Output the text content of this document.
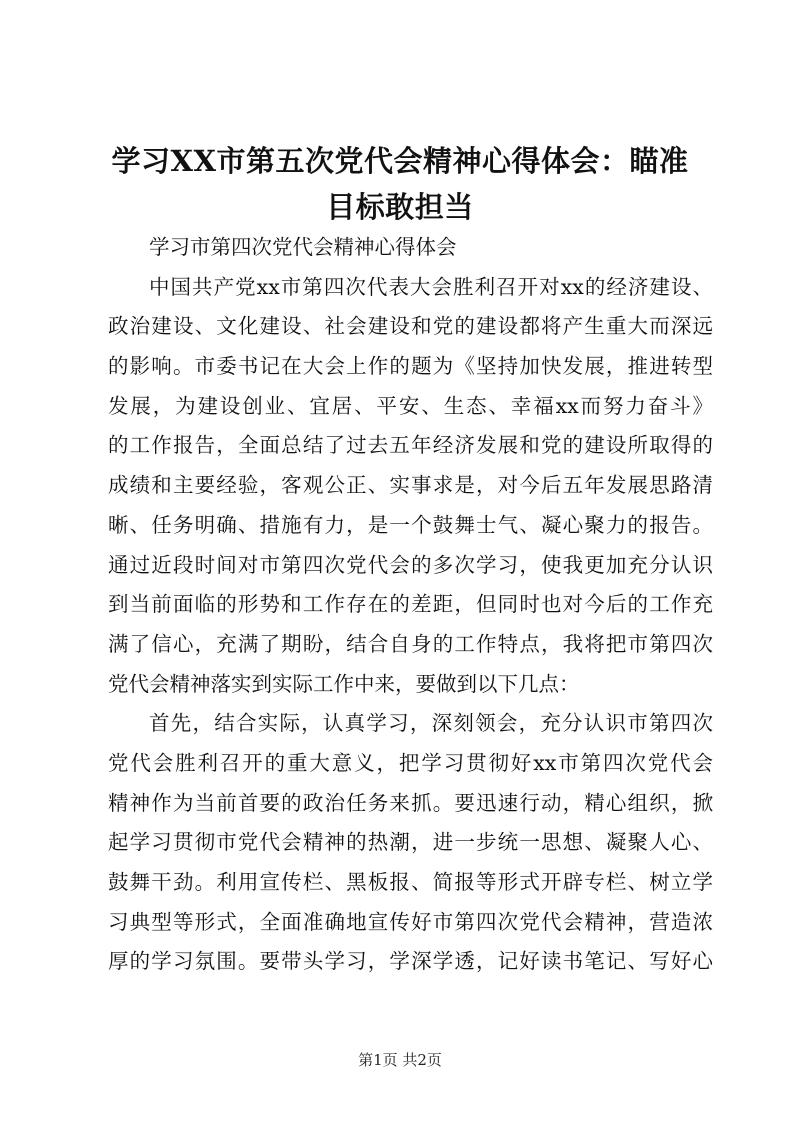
学习XX市第五次党代会精神心得体会：瞄准
目标敢担当
学习市第四次党代会精神心得体会
中国共产党xx市第四次代表大会胜利召开对xx的经济建设、
政治建设、文化建设、社会建设和党的建设都将产生重大而深远
的影响。市委书记在大会上作的题为《坚持加快发展，推进转型
发展，为建设创业、宜居、平安、生态、幸福xx而努力奋斗》
的工作报告，全面总结了过去五年经济发展和党的建设所取得的
成绩和主要经验，客观公正、实事求是，对今后五年发展思路清
晰、任务明确、措施有力，是一个鼓舞士气、凝心聚力的报告。
通过近段时间对市第四次党代会的多次学习，使我更加充分认识
到当前面临的形势和工作存在的差距，但同时也对今后的工作充
满了信心，充满了期盼，结合自身的工作特点，我将把市第四次
党代会精神落实到实际工作中来，要做到以下几点：
首先，结合实际，认真学习，深刻领会，充分认识市第四次
党代会胜利召开的重大意义，把学习贯彻好xx市第四次党代会
精神作为当前首要的政治任务来抓。要迅速行动，精心组织，掀
起学习贯彻市党代会精神的热潮，进一步统一思想、凝聚人心、
鼓舞干劲。利用宣传栏、黑板报、简报等形式开辟专栏、树立学
习典型等形式，全面准确地宣传好市第四次党代会精神，营造浓
厚的学习氛围。要带头学习，学深学透，记好读书笔记、写好心
第1页 共2页
